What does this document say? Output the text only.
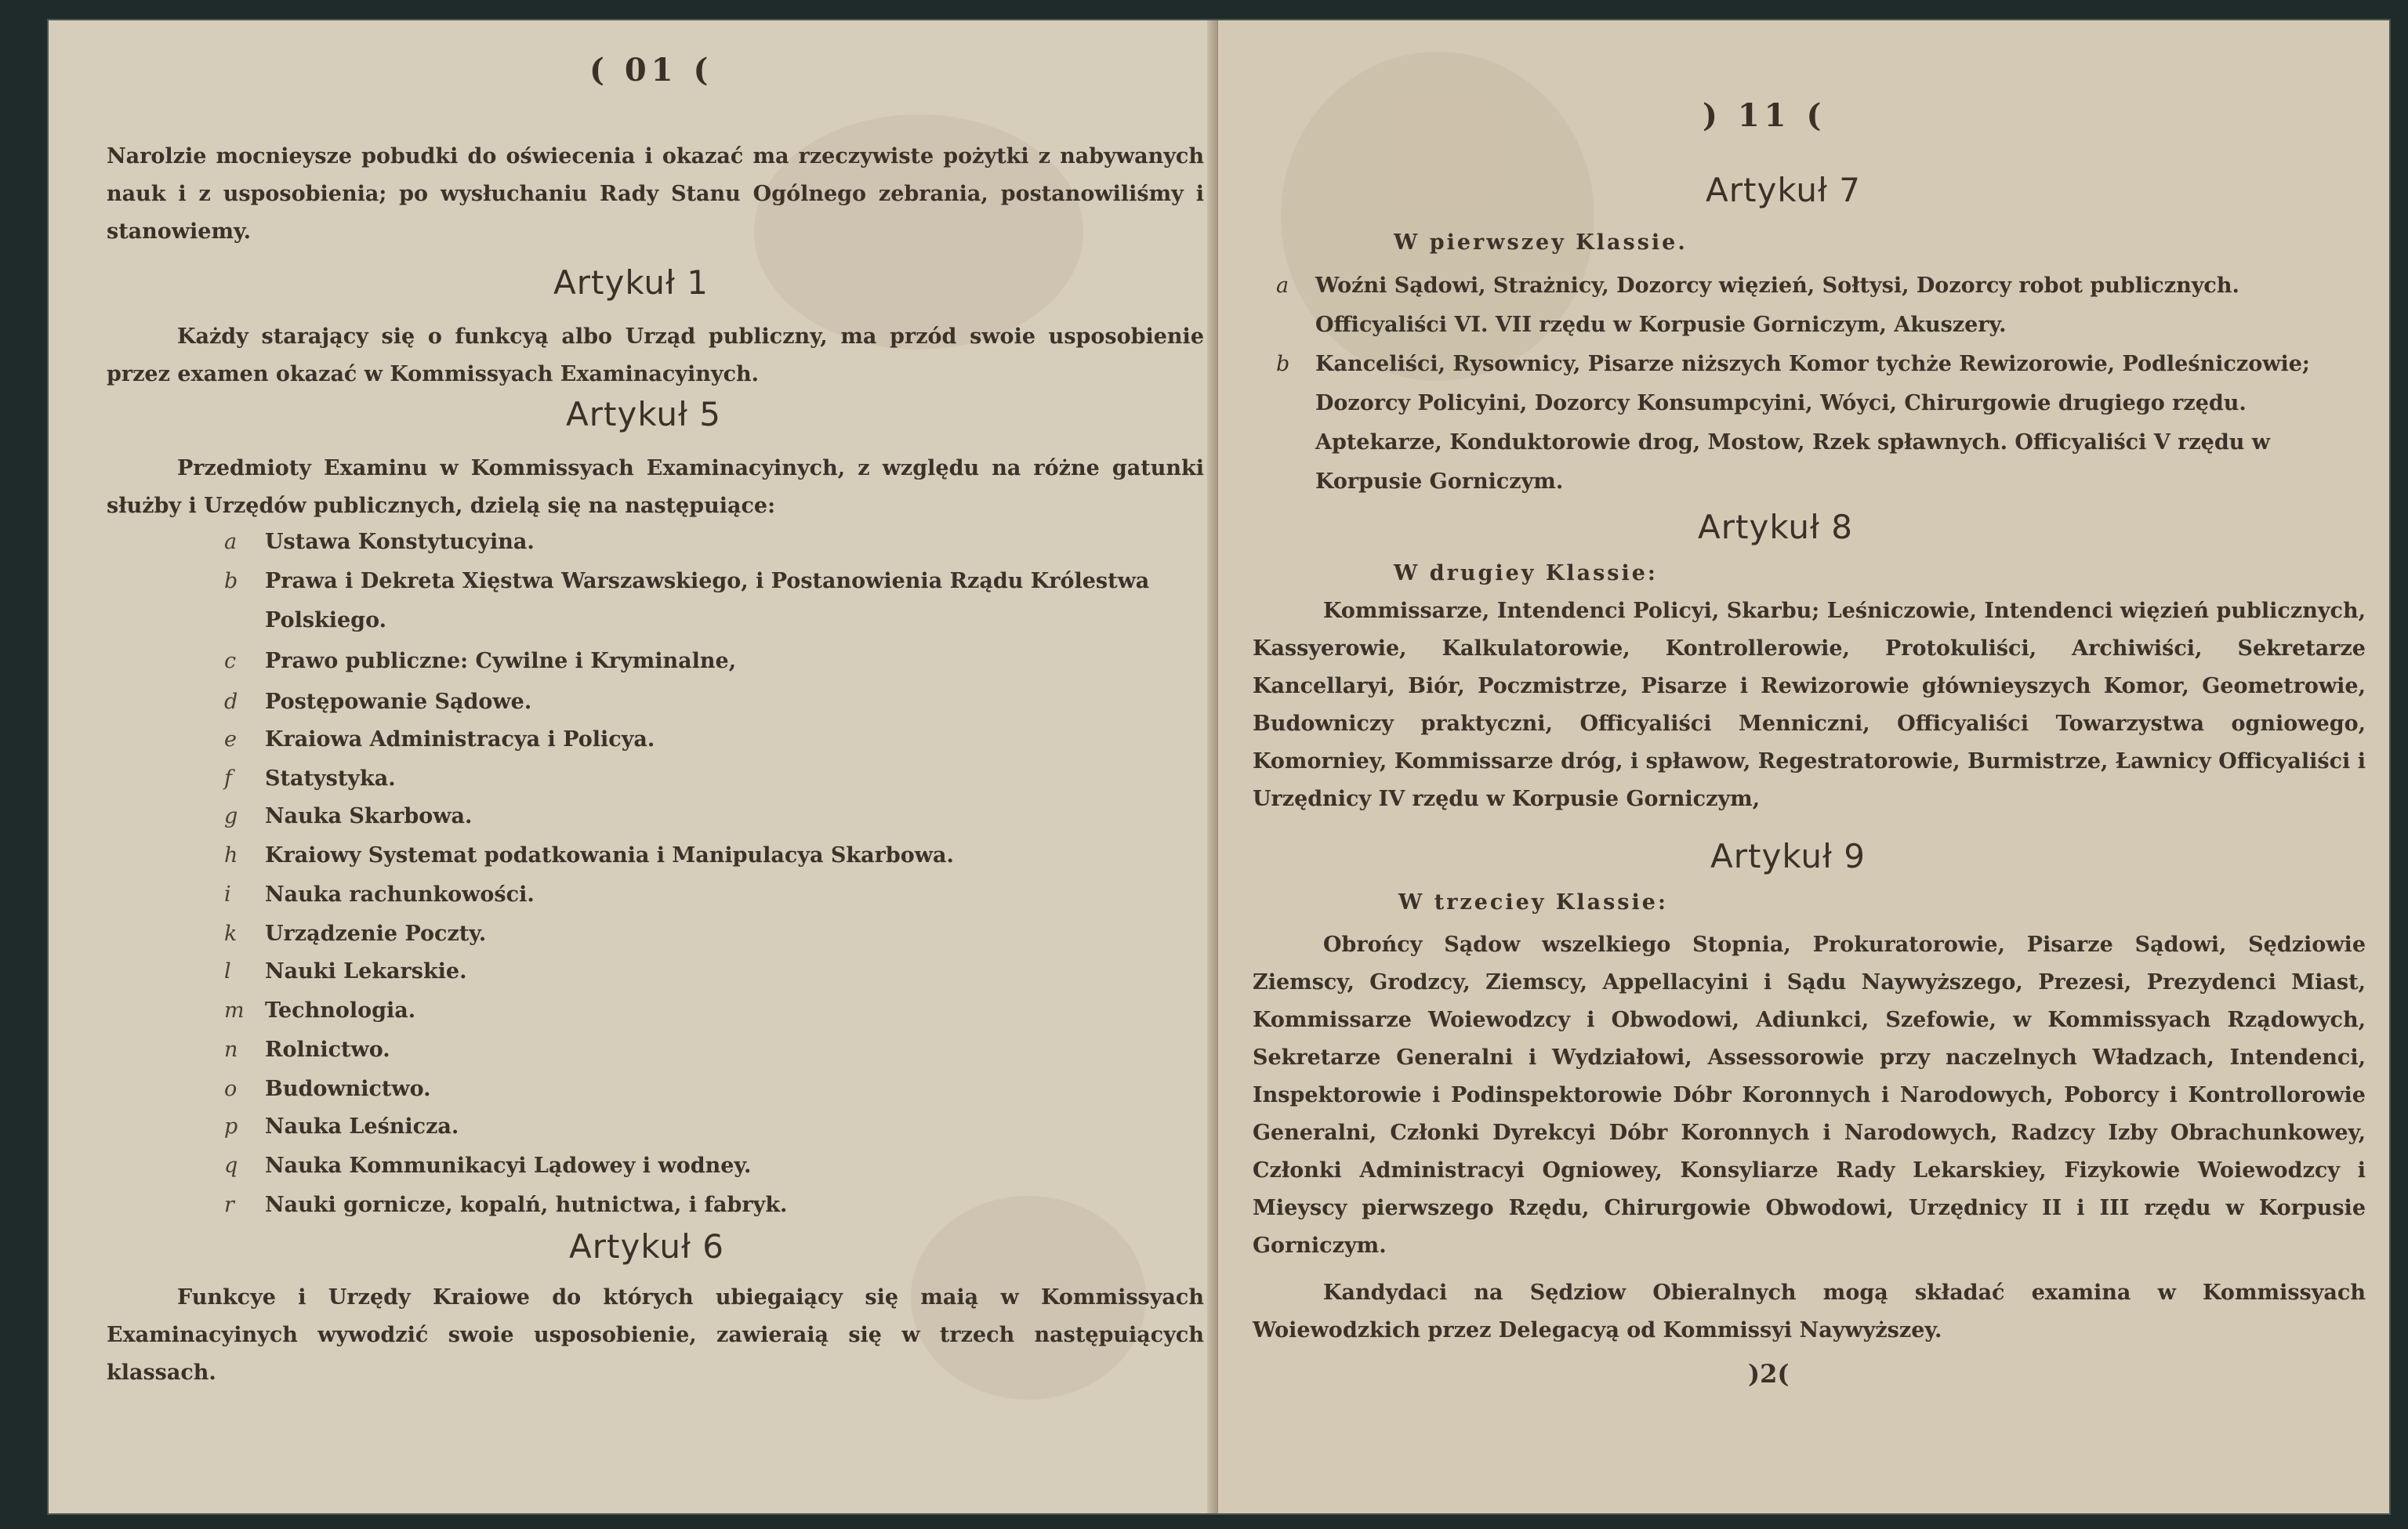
( 01 (
Narolzie mocnieysze pobudki do oświecenia i okazać ma rzeczywiste pożytki z nabywanych nauk i z usposobienia; po wysłuchaniu Rady Stanu Ogólnego zebrania, postanowiliśmy i stanowiemy.
Artykuł 1
Każdy starający się o funkcyą albo Urząd publiczny, ma przód swoie usposobienie przez examen okazać w Kommissyach Examinacyinych.
Artykuł 5
Przedmioty Examinu w Kommissyach Examinacyinych, z względu na różne gatunki służby i Urzędów publicznych, dzielą się na następuiące:
a Ustawa Konstytucyina.
b Prawa i Dekreta Xięstwa Warszawskiego, i Postanowienia Rządu Królestwa
Polskiego.
c Prawo publiczne: Cywilne i Kryminalne,
d Postępowanie Sądowe.
e Kraiowa Administracya i Policya.
f Statystyka.
g Nauka Skarbowa.
h Kraiowy Systemat podatkowania i Manipulacya Skarbowa.
i Nauka rachunkowości.
k Urządzenie Poczty.
l Nauki Lekarskie.
m Technologia.
n Rolnictwo.
o Budownictwo.
p Nauka Leśnicza.
q Nauka Kommunikacyi Lądowey i wodney.
r Nauki gornicze, kopalń, hutnictwa, i fabryk.
Artykuł 6
Funkcye i Urzędy Kraiowe do których ubiegaiący się maią w Kommissyach Examinacyinych wywodzić swoie usposobienie, zawieraią się w trzech następuiących klassach.
) 11 (
Artykuł 7
W pierwszey Klassie.
a Woźni Sądowi, Strażnicy, Dozorcy więzień, Sołtysi, Dozorcy robot publicznych. Officyaliści VI. VII rzędu w Korpusie Gorniczym, Akuszery.
b Kanceliści, Rysownicy, Pisarze niższych Komor tychże Rewizorowie, Podleśniczowie; Dozorcy Policyini, Dozorcy Konsumpcyini, Wóyci, Chirurgowie drugiego rzędu. Aptekarze, Konduktorowie drog, Mostow, Rzek spławnych. Officyaliści V rzędu w Korpusie Gorniczym.
Artykuł 8
W drugiey Klassie:
Kommissarze, Intendenci Policyi, Skarbu; Leśniczowie, Intendenci więzień publicznych, Kassyerowie, Kalkulatorowie, Kontrollerowie, Protokuliści, Archiwiści, Sekretarze Kancellaryi, Biór, Poczmistrze, Pisarze i Rewizorowie głównieyszych Komor, Geometrowie, Budowniczy praktyczni, Officyaliści Menniczni, Officyaliści Towarzystwa ogniowego, Komorniey, Kommissarze dróg, i spławow, Regestratorowie, Burmistrze, Ławnicy Officyaliści i Urzędnicy IV rzędu w Korpusie Gorniczym,
Artykuł 9
W trzeciey Klassie:
Obrońcy Sądow wszelkiego Stopnia, Prokuratorowie, Pisarze Sądowi, Sędziowie Ziemscy, Grodzcy, Ziemscy, Appellacyini i Sądu Naywyższego, Prezesi, Prezydenci Miast, Kommissarze Woiewodzcy i Obwodowi, Adiunkci, Szefowie, w Kommissyach Rządowych, Sekretarze Generalni i Wydziałowi, Assessorowie przy naczelnych Władzach, Intendenci, Inspektorowie i Podinspektorowie Dóbr Koronnych i Narodowych, Poborcy i Kontrollorowie Generalni, Członki Dyrekcyi Dóbr Koronnych i Narodowych, Radzcy Izby Obrachunkowey, Członki Administracyi Ogniowey, Konsyliarze Rady Lekarskiey, Fizykowie Woiewodzcy i Mieyscy pierwszego Rzędu, Chirurgowie Obwodowi, Urzędnicy II i III rzędu w Korpusie Gorniczym.
Kandydaci na Sędziow Obieralnych mogą składać examina w Kommissyach Woiewodzkich przez Delegacyą od Kommissyi Naywyższey.
)2(
